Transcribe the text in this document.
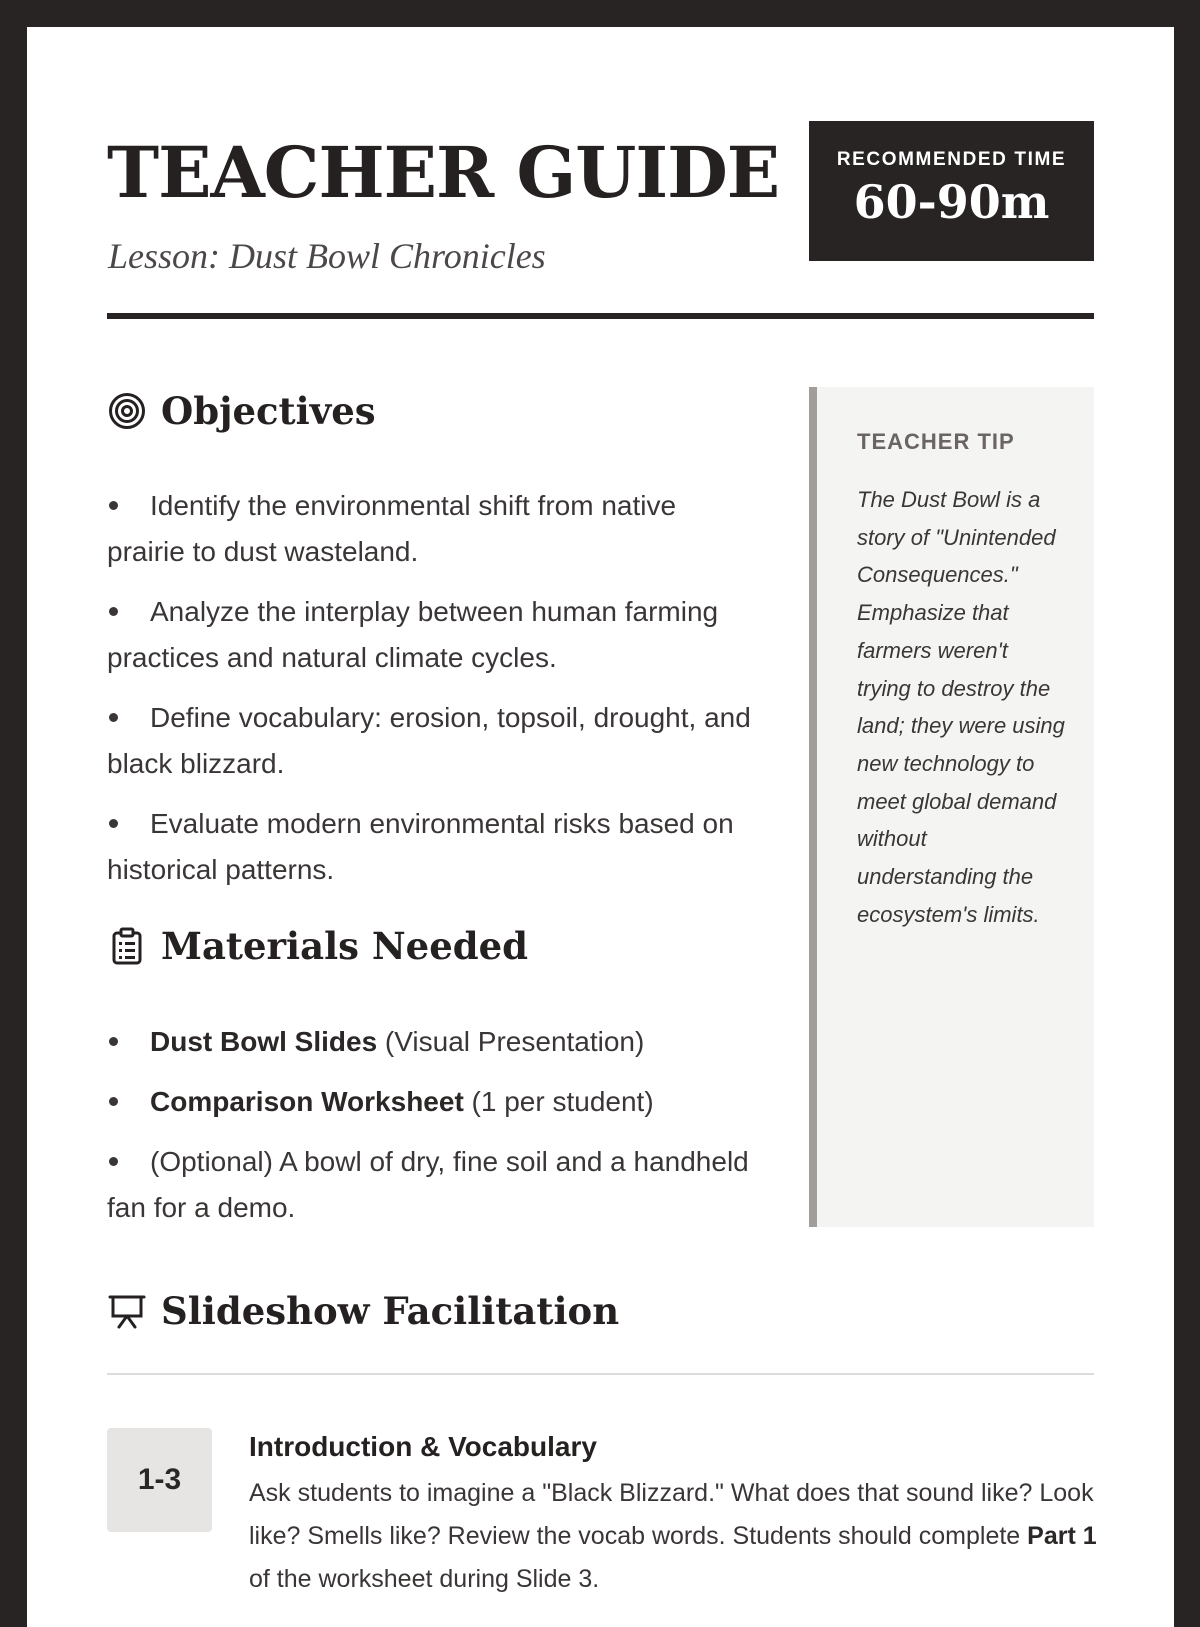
TEACHER GUIDE
Lesson: Dust Bowl Chronicles
RECOMMENDED TIME
60-90m
Objectives
Identify the environmental shift from native prairie to dust wasteland.
Analyze the interplay between human farming practices and natural climate cycles.
Define vocabulary: erosion, topsoil, drought, and black blizzard.
Evaluate modern environmental risks based on historical patterns.
Materials Needed
Dust Bowl Slides (Visual Presentation)
Comparison Worksheet (1 per student)
(Optional) A bowl of dry, fine soil and a handheld fan for a demo.
TEACHER TIP
The Dust Bowl is a story of "Unintended Consequences." Emphasize that farmers weren't trying to destroy the land; they were using new technology to meet global demand without understanding the ecosystem's limits.
Slideshow Facilitation
1-3
Introduction & Vocabulary
Ask students to imagine a "Black Blizzard." What does that sound like? Look like? Smells like? Review the vocab words. Students should complete Part 1 of the worksheet during Slide 3.
